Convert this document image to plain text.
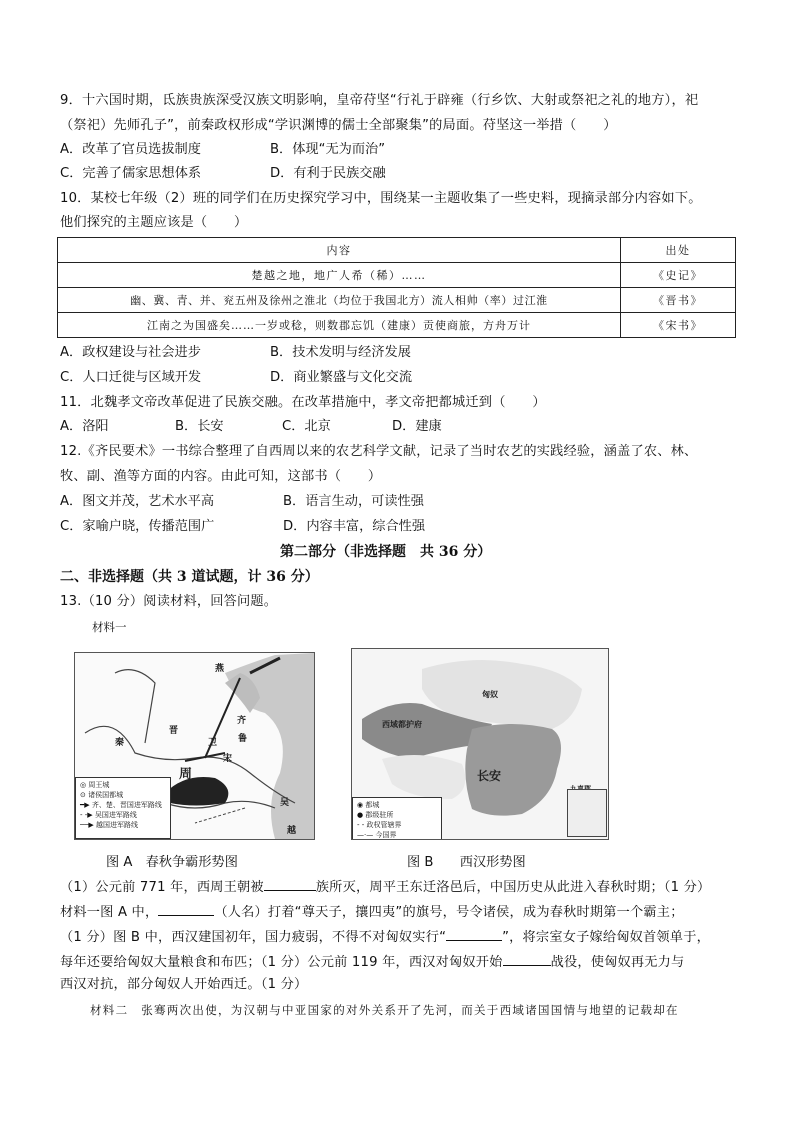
9．十六国时期，氐族贵族深受汉族文明影响，皇帝苻坚“行礼于辟雍（行乡饮、大射或祭祀之礼的地方），祀
（祭祀）先师孔子”，前秦政权形成“学识渊博的儒士全部聚集”的局面。苻坚这一举措（　　）
A．改革了官员选拔制度	B．体现“无为而治”
C．完善了儒家思想体系	D．有利于民族交融
10．某校七年级（2）班的同学们在历史探究学习中，围绕某一主题收集了一些史料，现摘录部分内容如下。
他们探究的主题应该是（　　）
内容	出处
楚越之地，地广人希（稀）……	《史记》
幽、冀、青、并、兖五州及徐州之淮北（均位于我国北方）流人相帅（率）过江淮	《晋书》
江南之为国盛矣……一岁或稔，则数郡忘饥（建康）贡使商旅，方舟万计	《宋书》
A．政权建设与社会进步	B．技术发明与经济发展
C．人口迁徙与区域开发	D．商业繁盛与文化交流
11．北魏孝文帝改革促进了民族交融。在改革措施中，孝文帝把都城迁到（　　）
A．洛阳	B．长安	C．北京	D．建康
12.《齐民要术》一书综合整理了自西周以来的农艺科学文献，记录了当时农艺的实践经验，涵盖了农、林、
牧、副、渔等方面的内容。由此可知，这部书（　　）
A．图文并茂，艺术水平高	B．语言生动，可读性强
C．家喻户晓，传播范围广	D．内容丰富，综合性强
第二部分（非选择题　共 36 分）
二、非选择题（共 3 道试题，计 36 分）
13.（10 分）阅读材料，回答问题。
材料一
周
卫 鲁
齐
宋
晋
秦
燕
吴
越
◎ 周王城
⊙ 诸侯国都城
━▶ 齐、楚、晋国进军路线
- -▶ 吴国进军路线
──▶ 越国进军路线
西域都护府
长安
匈奴
◉ 都城
● 郡级驻所
- - 政权管辖界
—·— 今国界
图 A　春秋争霸形势图	图 B　　西汉形势图
（1）公元前 771 年，西周王朝被	族所灭，周平王东迁洛邑后，中国历史从此进入春秋时期；（1 分）
材料一图 A 中，	（人名）打着“尊天子，攘四夷”的旗号，号令诸侯，成为春秋时期第一个霸主；
（1 分）图 B 中，西汉建国初年，国力疲弱，不得不对匈奴实行“	”，将宗室女子嫁给匈奴首领单于，
每年还要给匈奴大量粮食和布匹；（1 分）公元前 119 年，西汉对匈奴开始	战役，使匈奴再无力与
西汉对抗，部分匈奴人开始西迁。（1 分）
材料二　张骞两次出使，为汉朝与中亚国家的对外关系开了先河，而关于西域诸国国情与地望的记载却在
